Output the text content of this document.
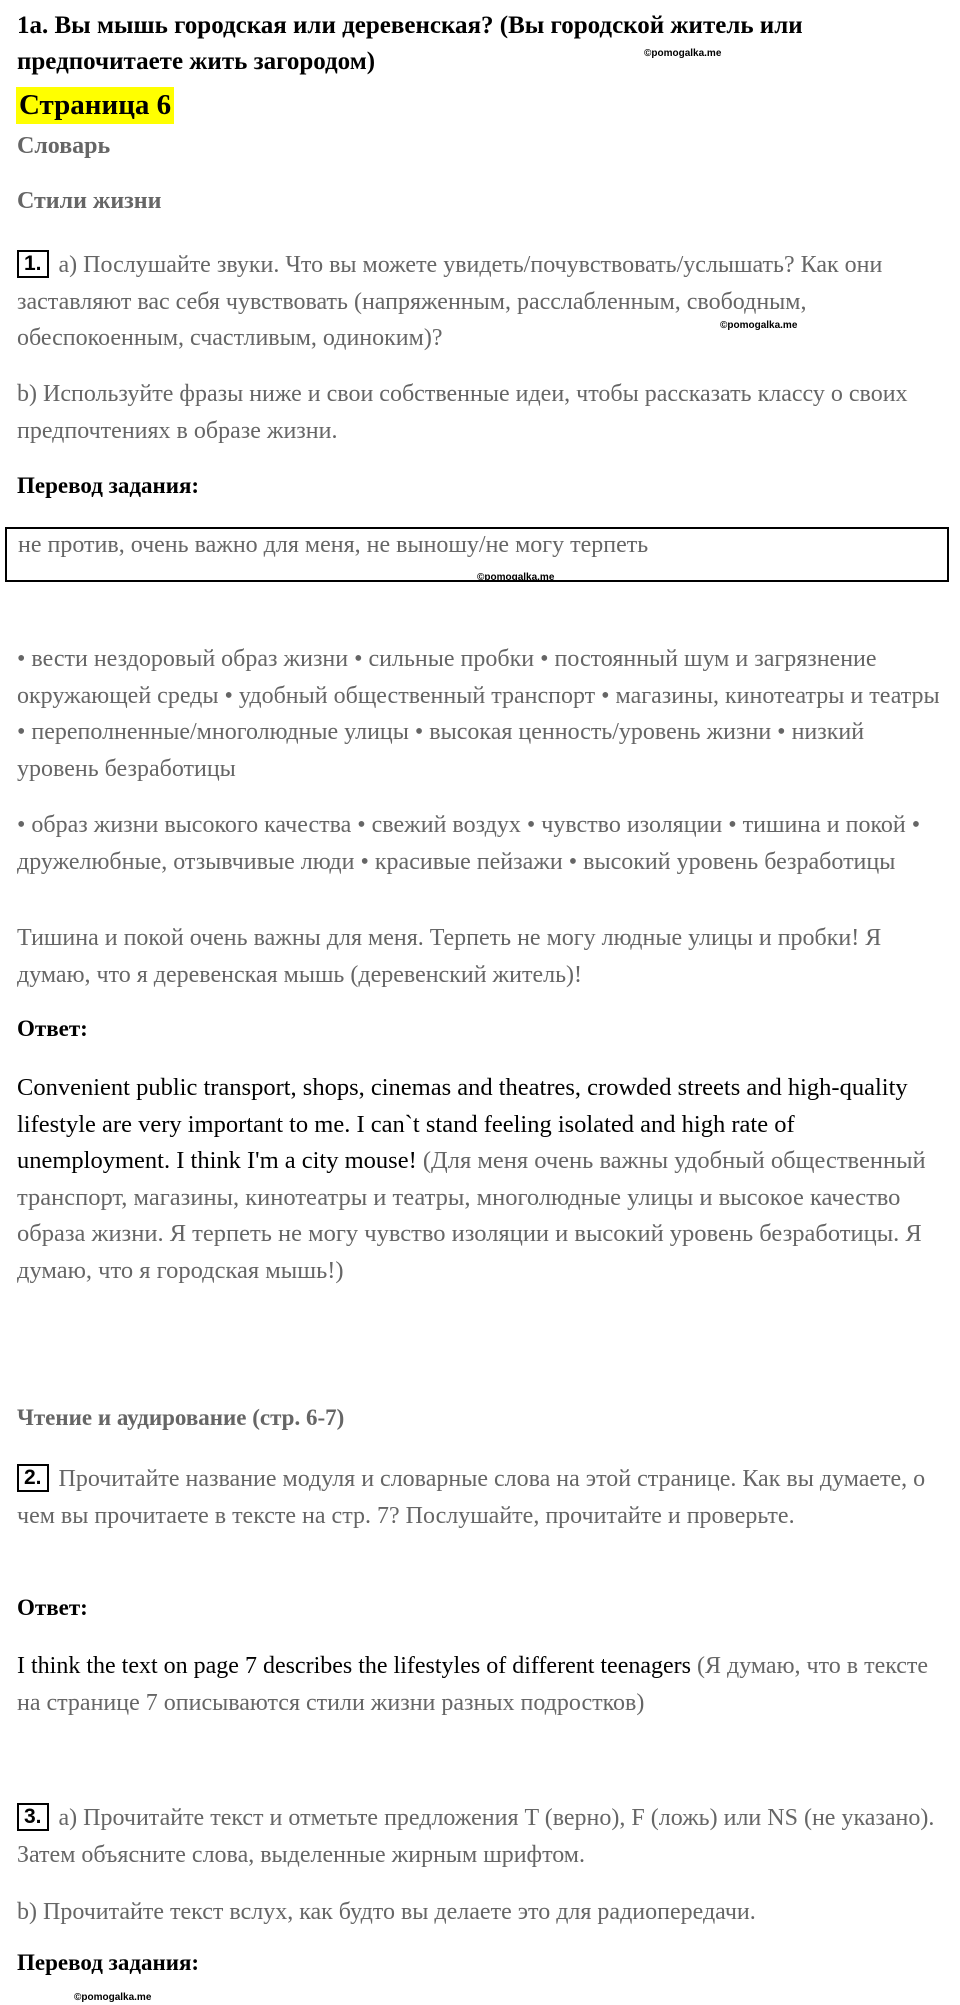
1а. Вы мышь городская или деревенская? (Вы городской житель или предпочитаете жить загородом)	©pomogalka.me
Страница 6
Словарь
Стили жизни
1. a) Послушайте звуки. Что вы можете увидеть/почувствовать/услышать? Как они заставляют вас себя чувствовать (напряженным, расслабленным, свободным, обеспокоенным, счастливым, одиноким)?	©pomogalka.me
b) Используйте фразы ниже и свои собственные идеи, чтобы рассказать классу о своих предпочтениях в образе жизни.
Перевод задания:
не против, очень важно для меня, не выношу/не могу терпеть
©pomogalka.me
• вести нездоровый образ жизни • сильные пробки • постоянный шум и загрязнение окружающей среды • удобный общественный транспорт • магазины, кинотеатры и театры • переполненные/многолюдные улицы • высокая ценность/уровень жизни • низкий уровень безработицы
• образ жизни высокого качества • свежий воздух • чувство изоляции • тишина и покой • дружелюбные, отзывчивые люди • красивые пейзажи • высокий уровень безработицы
Тишина и покой очень важны для меня. Терпеть не могу людные улицы и пробки! Я думаю, что я деревенская мышь (деревенский житель)!
Ответ:
Convenient public transport, shops, cinemas and theatres, crowded streets and high-quality lifestyle are very important to me. I can`t stand feeling isolated and high rate of unemployment. I think I'm a city mouse! (Для меня очень важны удобный общественный транспорт, магазины, кинотеатры и театры, многолюдные улицы и высокое качество образа жизни. Я терпеть не могу чувство изоляции и высокий уровень безработицы. Я думаю, что я городская мышь!)
Чтение и аудирование (стр. 6-7)
2. Прочитайте название модуля и словарные слова на этой странице. Как вы думаете, о чем вы прочитаете в тексте на стр. 7? Послушайте, прочитайте и проверьте.
Ответ:
I think the text on page 7 describes the lifestyles of different teenagers (Я думаю, что в тексте на странице 7 описываются стили жизни разных подростков)
3. a) Прочитайте текст и отметьте предложения T (верно), F (ложь) или NS (не указано). Затем объясните слова, выделенные жирным шрифтом.
b) Прочитайте текст вслух, как будто вы делаете это для радиопередачи.
Перевод задания:
©pomogalka.me
